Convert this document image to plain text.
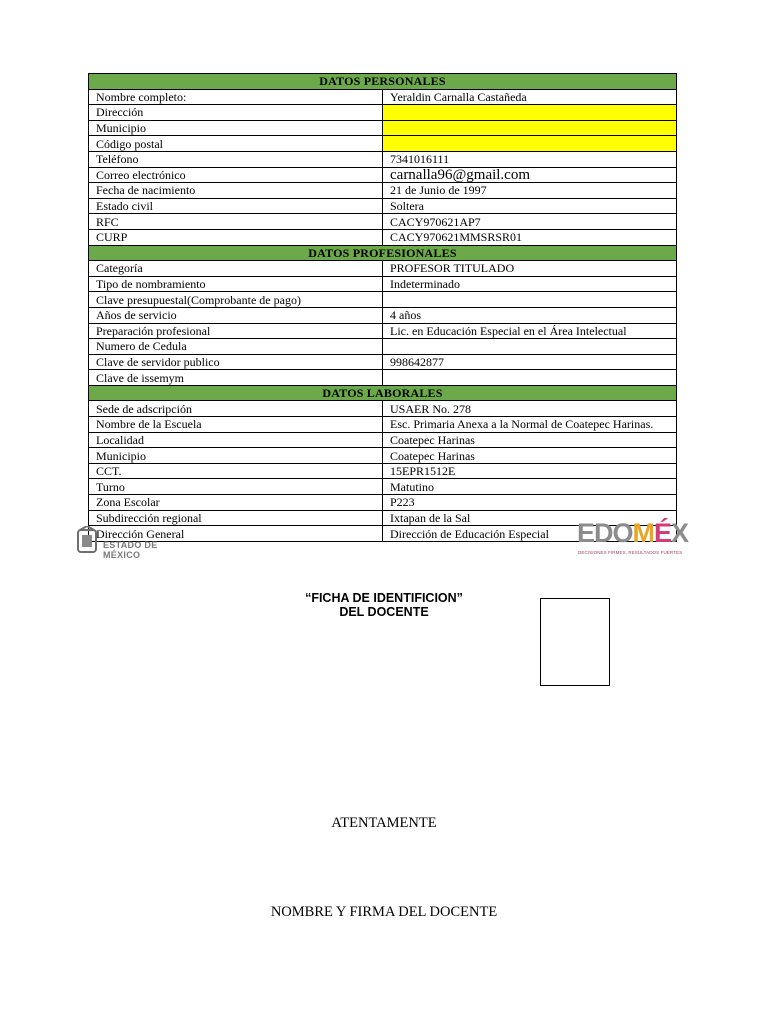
DATOS PERSONALES	
Nombre completo:	Yeraldin Carnalla Castañeda
Dirección	
Municipio	
Código postal	
Teléfono	7341016111
Correo electrónico	carnalla96@gmail.com
Fecha de nacimiento	21 de Junio de 1997
Estado civil	Soltera
RFC	CACY970621AP7
CURP	CACY970621MMSRSR01
DATOS PROFESIONALES	
Categoría	PROFESOR TITULADO
Tipo de nombramiento	Indeterminado
Clave presupuestal(Comprobante de pago)	
Años de servicio	4 años
Preparación profesional	Lic. en Educación Especial en el Área Intelectual
Numero de Cedula	
Clave de servidor publico	998642877
Clave de issemym	
DATOS LABORALES	
Sede de adscripción	USAER No. 278
Nombre de la Escuela	Esc. Primaria Anexa a la Normal de Coatepec Harinas.
Localidad	Coatepec Harinas
Municipio	Coatepec Harinas
CCT.	15EPR1512E
Turno	Matutino
Zona Escolar	P223
Subdirección regional	Ixtapan de la Sal
Dirección General	Dirección de Educación Especial
ESTADO DE MÉXICO
EDOMÉX
DECISIONES FIRMES, RESULTADOS FUERTES
“FICHA DE IDENTIFICION”
DEL DOCENTE
ATENTAMENTE
NOMBRE Y FIRMA DEL DOCENTE
